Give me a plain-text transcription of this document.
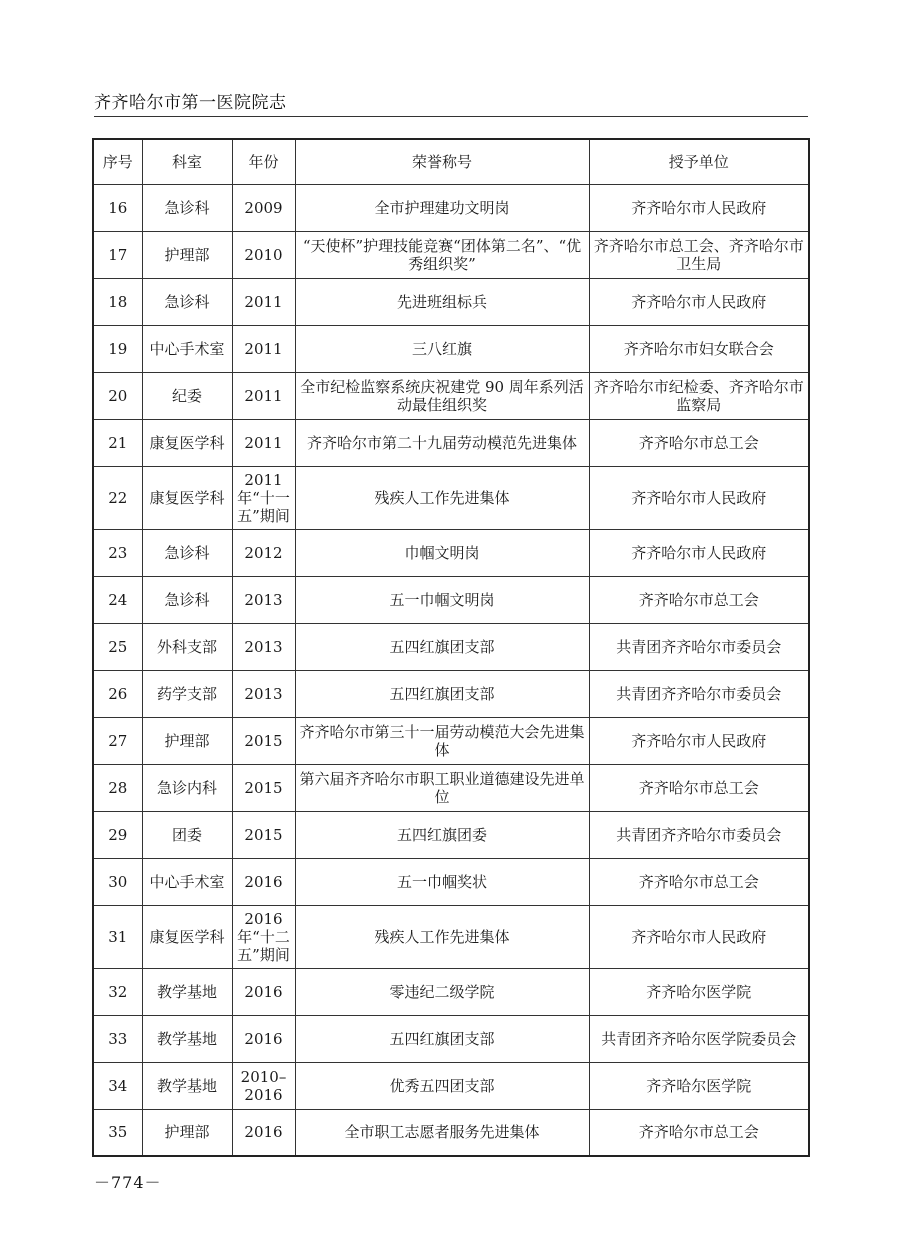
齐齐哈尔市第一医院院志
序号	科室	年份	荣誉称号	授予单位
16	急诊科	2009	全市护理建功文明岗	齐齐哈尔市人民政府
17	护理部	2010	“天使杯”护理技能竞赛“团体第二名”、“优秀组织奖”	齐齐哈尔市总工会、齐齐哈尔市卫生局
18	急诊科	2011	先进班组标兵	齐齐哈尔市人民政府
19	中心手术室	2011	三八红旗	齐齐哈尔市妇女联合会
20	纪委	2011	全市纪检监察系统庆祝建党 90 周年系列活动最佳组织奖	齐齐哈尔市纪检委、齐齐哈尔市监察局
21	康复医学科	2011	齐齐哈尔市第二十九届劳动模范先进集体	齐齐哈尔市总工会
22	康复医学科	2011 年“十一五”期间	残疾人工作先进集体	齐齐哈尔市人民政府
23	急诊科	2012	巾帼文明岗	齐齐哈尔市人民政府
24	急诊科	2013	五一巾帼文明岗	齐齐哈尔市总工会
25	外科支部	2013	五四红旗团支部	共青团齐齐哈尔市委员会
26	药学支部	2013	五四红旗团支部	共青团齐齐哈尔市委员会
27	护理部	2015	齐齐哈尔市第三十一届劳动模范大会先进集体	齐齐哈尔市人民政府
28	急诊内科	2015	第六届齐齐哈尔市职工职业道德建设先进单位	齐齐哈尔市总工会
29	团委	2015	五四红旗团委	共青团齐齐哈尔市委员会
30	中心手术室	2016	五一巾帼奖状	齐齐哈尔市总工会
31	康复医学科	2016 年“十二五”期间	残疾人工作先进集体	齐齐哈尔市人民政府
32	教学基地	2016	零违纪二级学院	齐齐哈尔医学院
33	教学基地	2016	五四红旗团支部	共青团齐齐哈尔医学院委员会
34	教学基地	2010–2016	优秀五四团支部	齐齐哈尔医学院
35	护理部	2016	全市职工志愿者服务先进集体	齐齐哈尔市总工会
－774－
